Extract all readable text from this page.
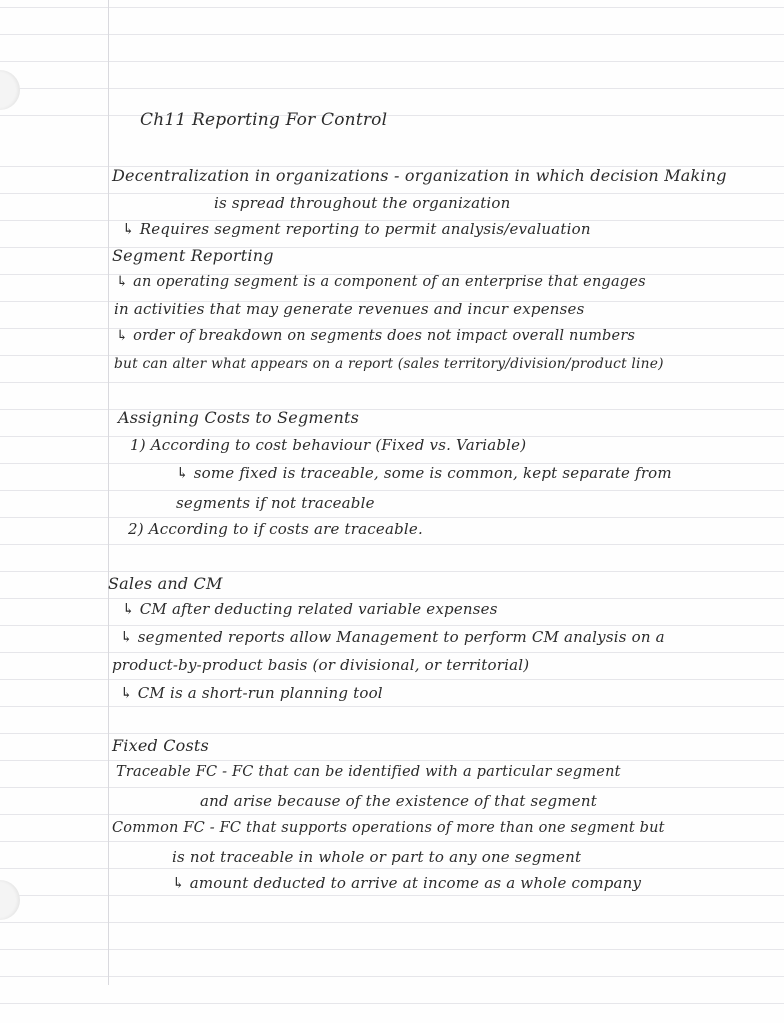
Ch11 Reporting For Control
Decentralization in organizations - organization in which decision Making
is spread throughout the organization
↳ Requires segment reporting to permit analysis/evaluation
Segment Reporting
↳ an operating segment is a component of an enterprise that engages
in activities that may generate revenues and incur expenses
↳ order of breakdown on segments does not impact overall numbers
but can alter what appears on a report (sales territory/division/product line)
Assigning Costs to Segments
1) According to cost behaviour (Fixed vs. Variable)
↳ some fixed is traceable, some is common, kept separate from
segments if not traceable
2) According to if costs are traceable.
Sales and CM
↳ CM after deducting related variable expenses
↳ segmented reports allow Management to perform CM analysis on a
product-by-product basis (or divisional, or territorial)
↳ CM is a short-run planning tool
Fixed Costs
Traceable FC - FC that can be identified with a particular segment
and arise because of the existence of that segment
Common FC - FC that supports operations of more than one segment but
is not traceable in whole or part to any one segment
↳ amount deducted to arrive at income as a whole company
